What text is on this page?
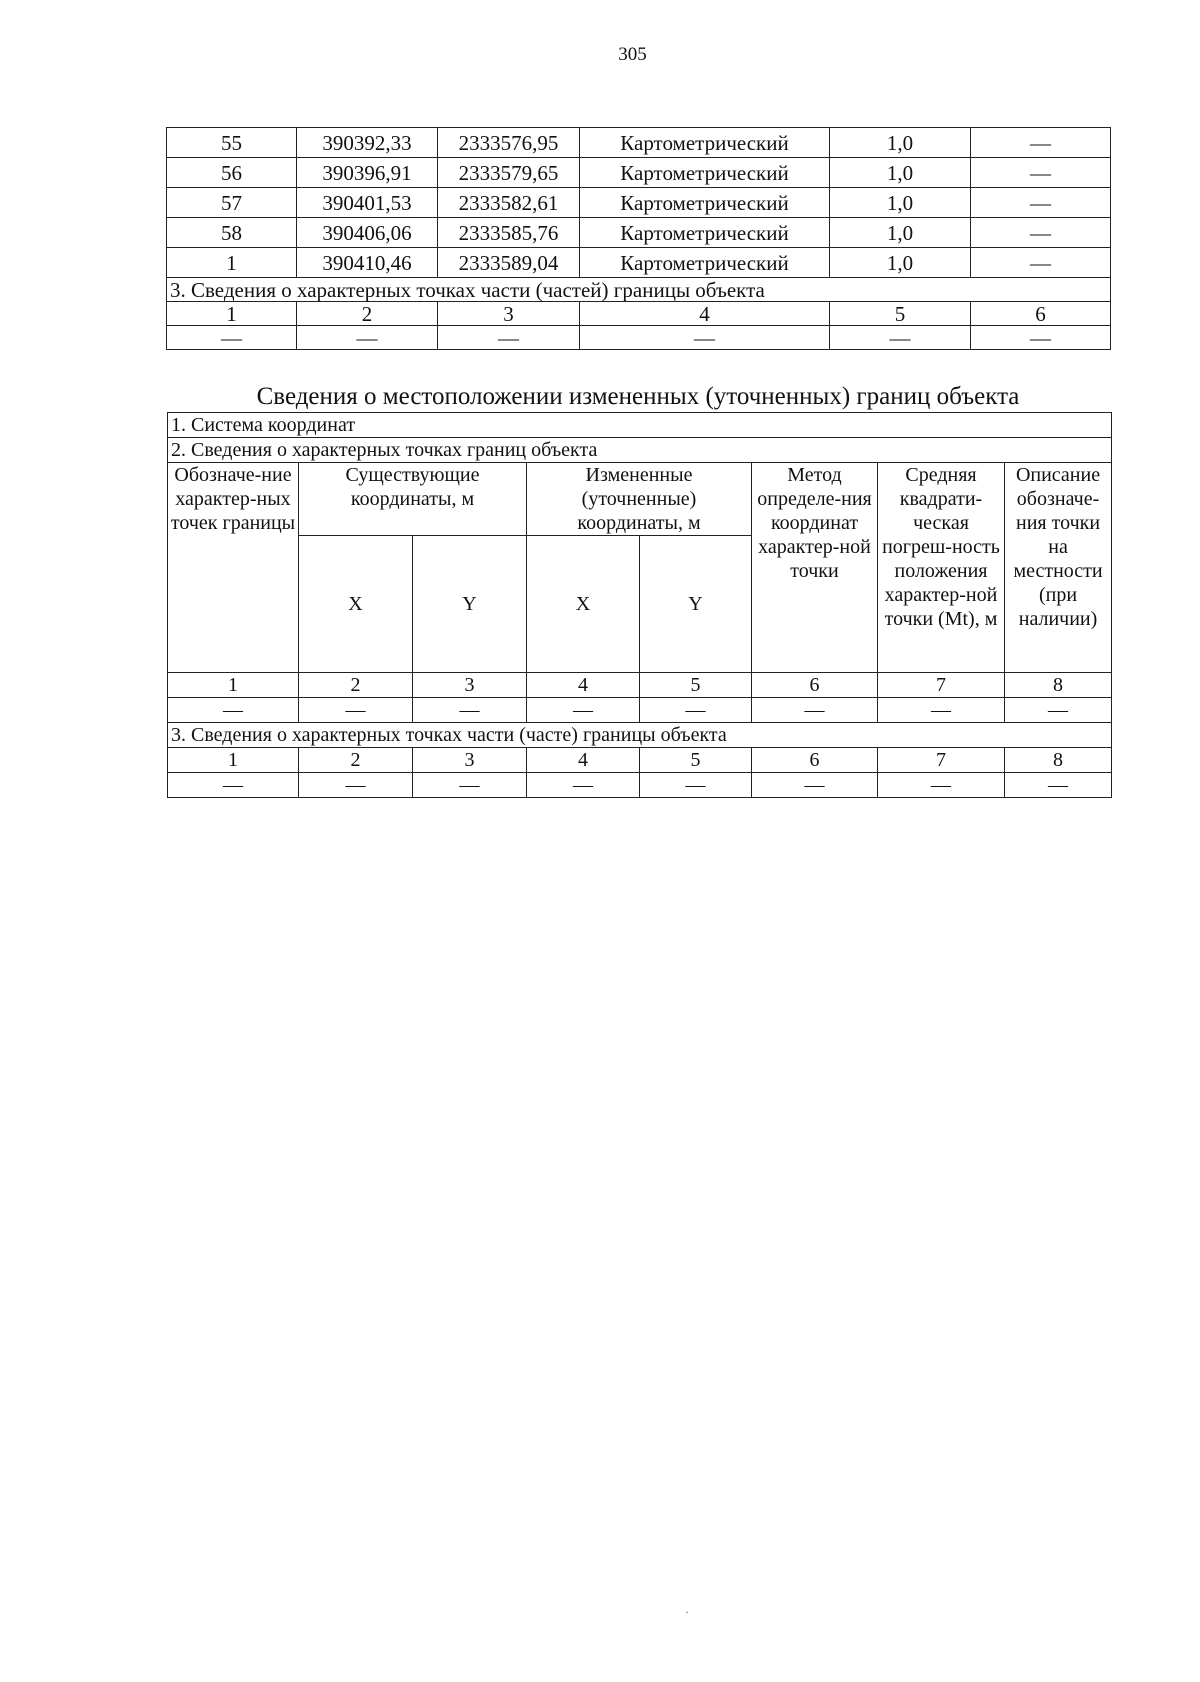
305
55	390392,33	2333576,95	Картометрический	1,0	—
56	390396,91	2333579,65	Картометрический	1,0	—
57	390401,53	2333582,61	Картометрический	1,0	—
58	390406,06	2333585,76	Картометрический	1,0	—
1	390410,46	2333589,04	Картометрический	1,0	—
3. Сведения о характерных точках части (частей) границы объекта					
1	2	3	4	5	6
—	—	—	—	—	—
Сведения о местоположении измененных (уточненных) границ объекта
1. Система координат							
2. Сведения о характерных точках границ объекта							
Обозначе-ние характер-ных точек границы	Существующие координаты, м		Измененные (уточненные) координаты, м		Метод определе-ния координат характер-ной точки	Средняя квадрати-ческая погреш-ность положения характер-ной точки (Mt), м	Описание обозначе-ния точки на местности (при наличии)
	X	Y	X	Y			
1	2	3	4	5	6	7	8
—	—	—	—	—	—	—	—
3. Сведения о характерных точках части (часте) границы объекта							
1	2	3	4	5	6	7	8
—	—	—	—	—	—	—	—
·
